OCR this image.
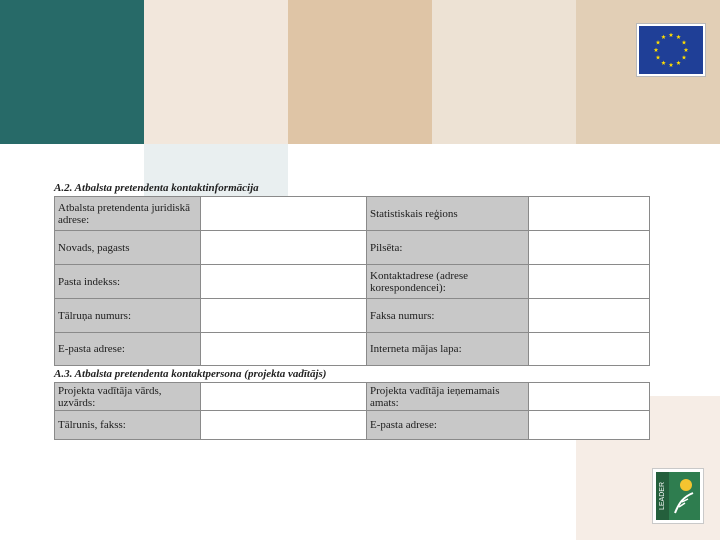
LEADER
A.2. Atbalsta pretendenta kontaktinformācija
Atbalsta pretendenta juridiskā adrese:		Statistiskais reģions	
Novads, pagasts		Pilsēta:	
Pasta indekss:		Kontaktadrese (adrese korespondencei):	
Tālruņa numurs:		Faksa numurs:	
E-pasta adrese:		Interneta mājas lapa:	
A.3. Atbalsta pretendenta kontaktpersona (projekta vadītājs)
Projekta vadītāja vārds, uzvārds:		Projekta vadītāja ieņemamais amats:	
Tālrunis, fakss:		E-pasta adrese:	
